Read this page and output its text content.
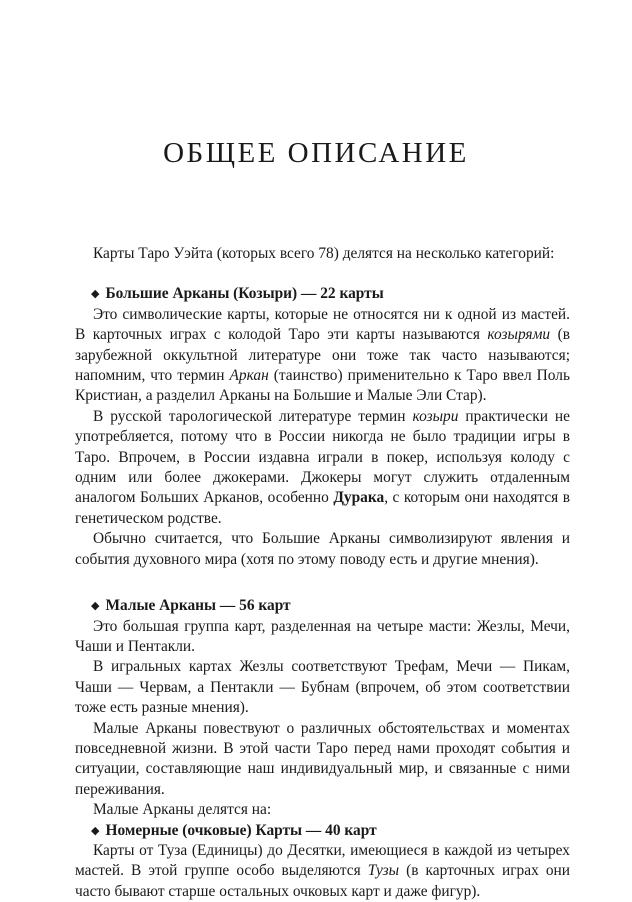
ОБЩЕЕ ОПИСАНИЕ

Карты Таро Уэйта (которых всего 78) делятся на несколько категорий:

◆ Большие Арканы (Козыри) — 22 карты

Это символические карты, которые не относятся ни к одной из мастей. В карточных играх с колодой Таро эти карты называются козырями (в зарубежной оккультной литературе они тоже так часто называются; напомним, что термин Аркан (таинство) применительно к Таро ввел Поль Кристиан, а разделил Арканы на Большие и Малые Эли Стар).

В русской тарологической литературе термин козыри практически не употребляется, потому что в России никогда не было традиции игры в Таро. Впрочем, в России издавна играли в покер, используя колоду с одним или более джокерами. Джокеры могут служить отдаленным аналогом Больших Арканов, особенно Дурака, с которым они находятся в генетическом родстве.

Обычно считается, что Большие Арканы символизируют явления и события духовного мира (хотя по этому поводу есть и другие мнения).

◆ Малые Арканы — 56 карт

Это большая группа карт, разделенная на четыре масти: Жезлы, Мечи, Чаши и Пентакли.

В игральных картах Жезлы соответствуют Трефам, Мечи — Пикам, Чаши — Червам, а Пентакли — Бубнам (впрочем, об этом соответствии тоже есть разные мнения).

Малые Арканы повествуют о различных обстоятельствах и моментах повседневной жизни. В этой части Таро перед нами проходят события и ситуации, составляющие наш индивидуальный мир, и связанные с ними переживания.

Малые Арканы делятся на:

◆ Номерные (очковые) Карты — 40 карт

Карты от Туза (Единицы) до Десятки, имеющиеся в каждой из четырех мастей. В этой группе особо выделяются Тузы (в карточных играх они часто бывают старше остальных очковых карт и даже фигур).
